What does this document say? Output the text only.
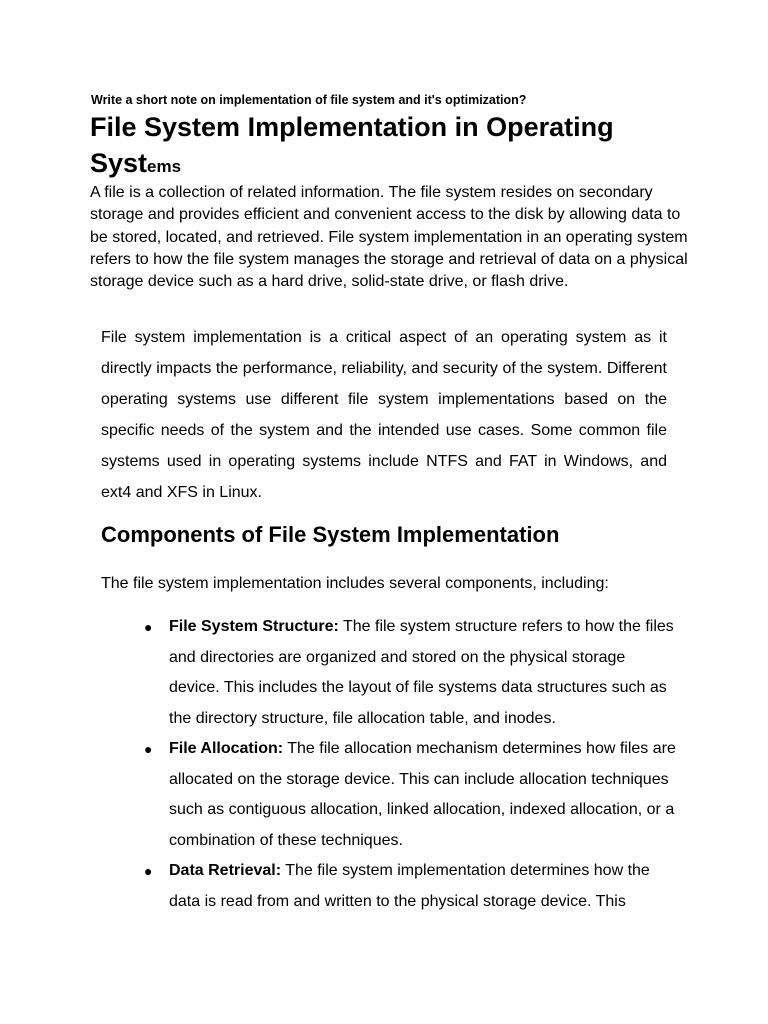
Write a short note on implementation of file system and it's optimization?
File System Implementation in Operating Systems

A file is a collection of related information. The file system resides on secondary storage and provides efficient and convenient access to the disk by allowing data to be stored, located, and retrieved. File system implementation in an operating system refers to how the file system manages the storage and retrieval of data on a physical storage device such as a hard drive, solid-state drive, or flash drive.

File system implementation is a critical aspect of an operating system as it directly impacts the performance, reliability, and security of the system. Different operating systems use different file system implementations based on the specific needs of the system and the intended use cases. Some common file systems used in operating systems include NTFS and FAT in Windows, and ext4 and XFS in Linux.

Components of File System Implementation

The file system implementation includes several components, including:

● File System Structure: The file system structure refers to how the files and directories are organized and stored on the physical storage device. This includes the layout of file systems data structures such as the directory structure, file allocation table, and inodes.
● File Allocation: The file allocation mechanism determines how files are allocated on the storage device. This can include allocation techniques such as contiguous allocation, linked allocation, indexed allocation, or a combination of these techniques.
● Data Retrieval: The file system implementation determines how the data is read from and written to the physical storage device. This
